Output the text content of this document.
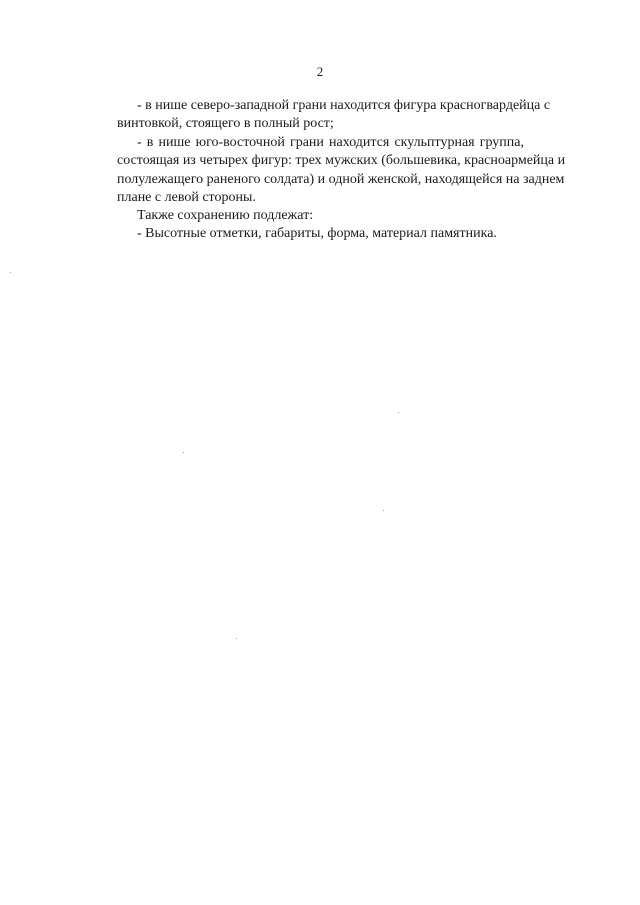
2
- в нише северо-западной грани находится фигура красногвардейца с
винтовкой, стоящего в полный рост;
- в нише юго-восточной грани находится скульптурная группа,
состоящая из четырех фигур: трех мужских (большевика, красноармейца и
полулежащего раненого солдата) и одной женской, находящейся на заднем
плане с левой стороны.
Также сохранению подлежат:
- Высотные отметки, габариты, форма, материал памятника.
